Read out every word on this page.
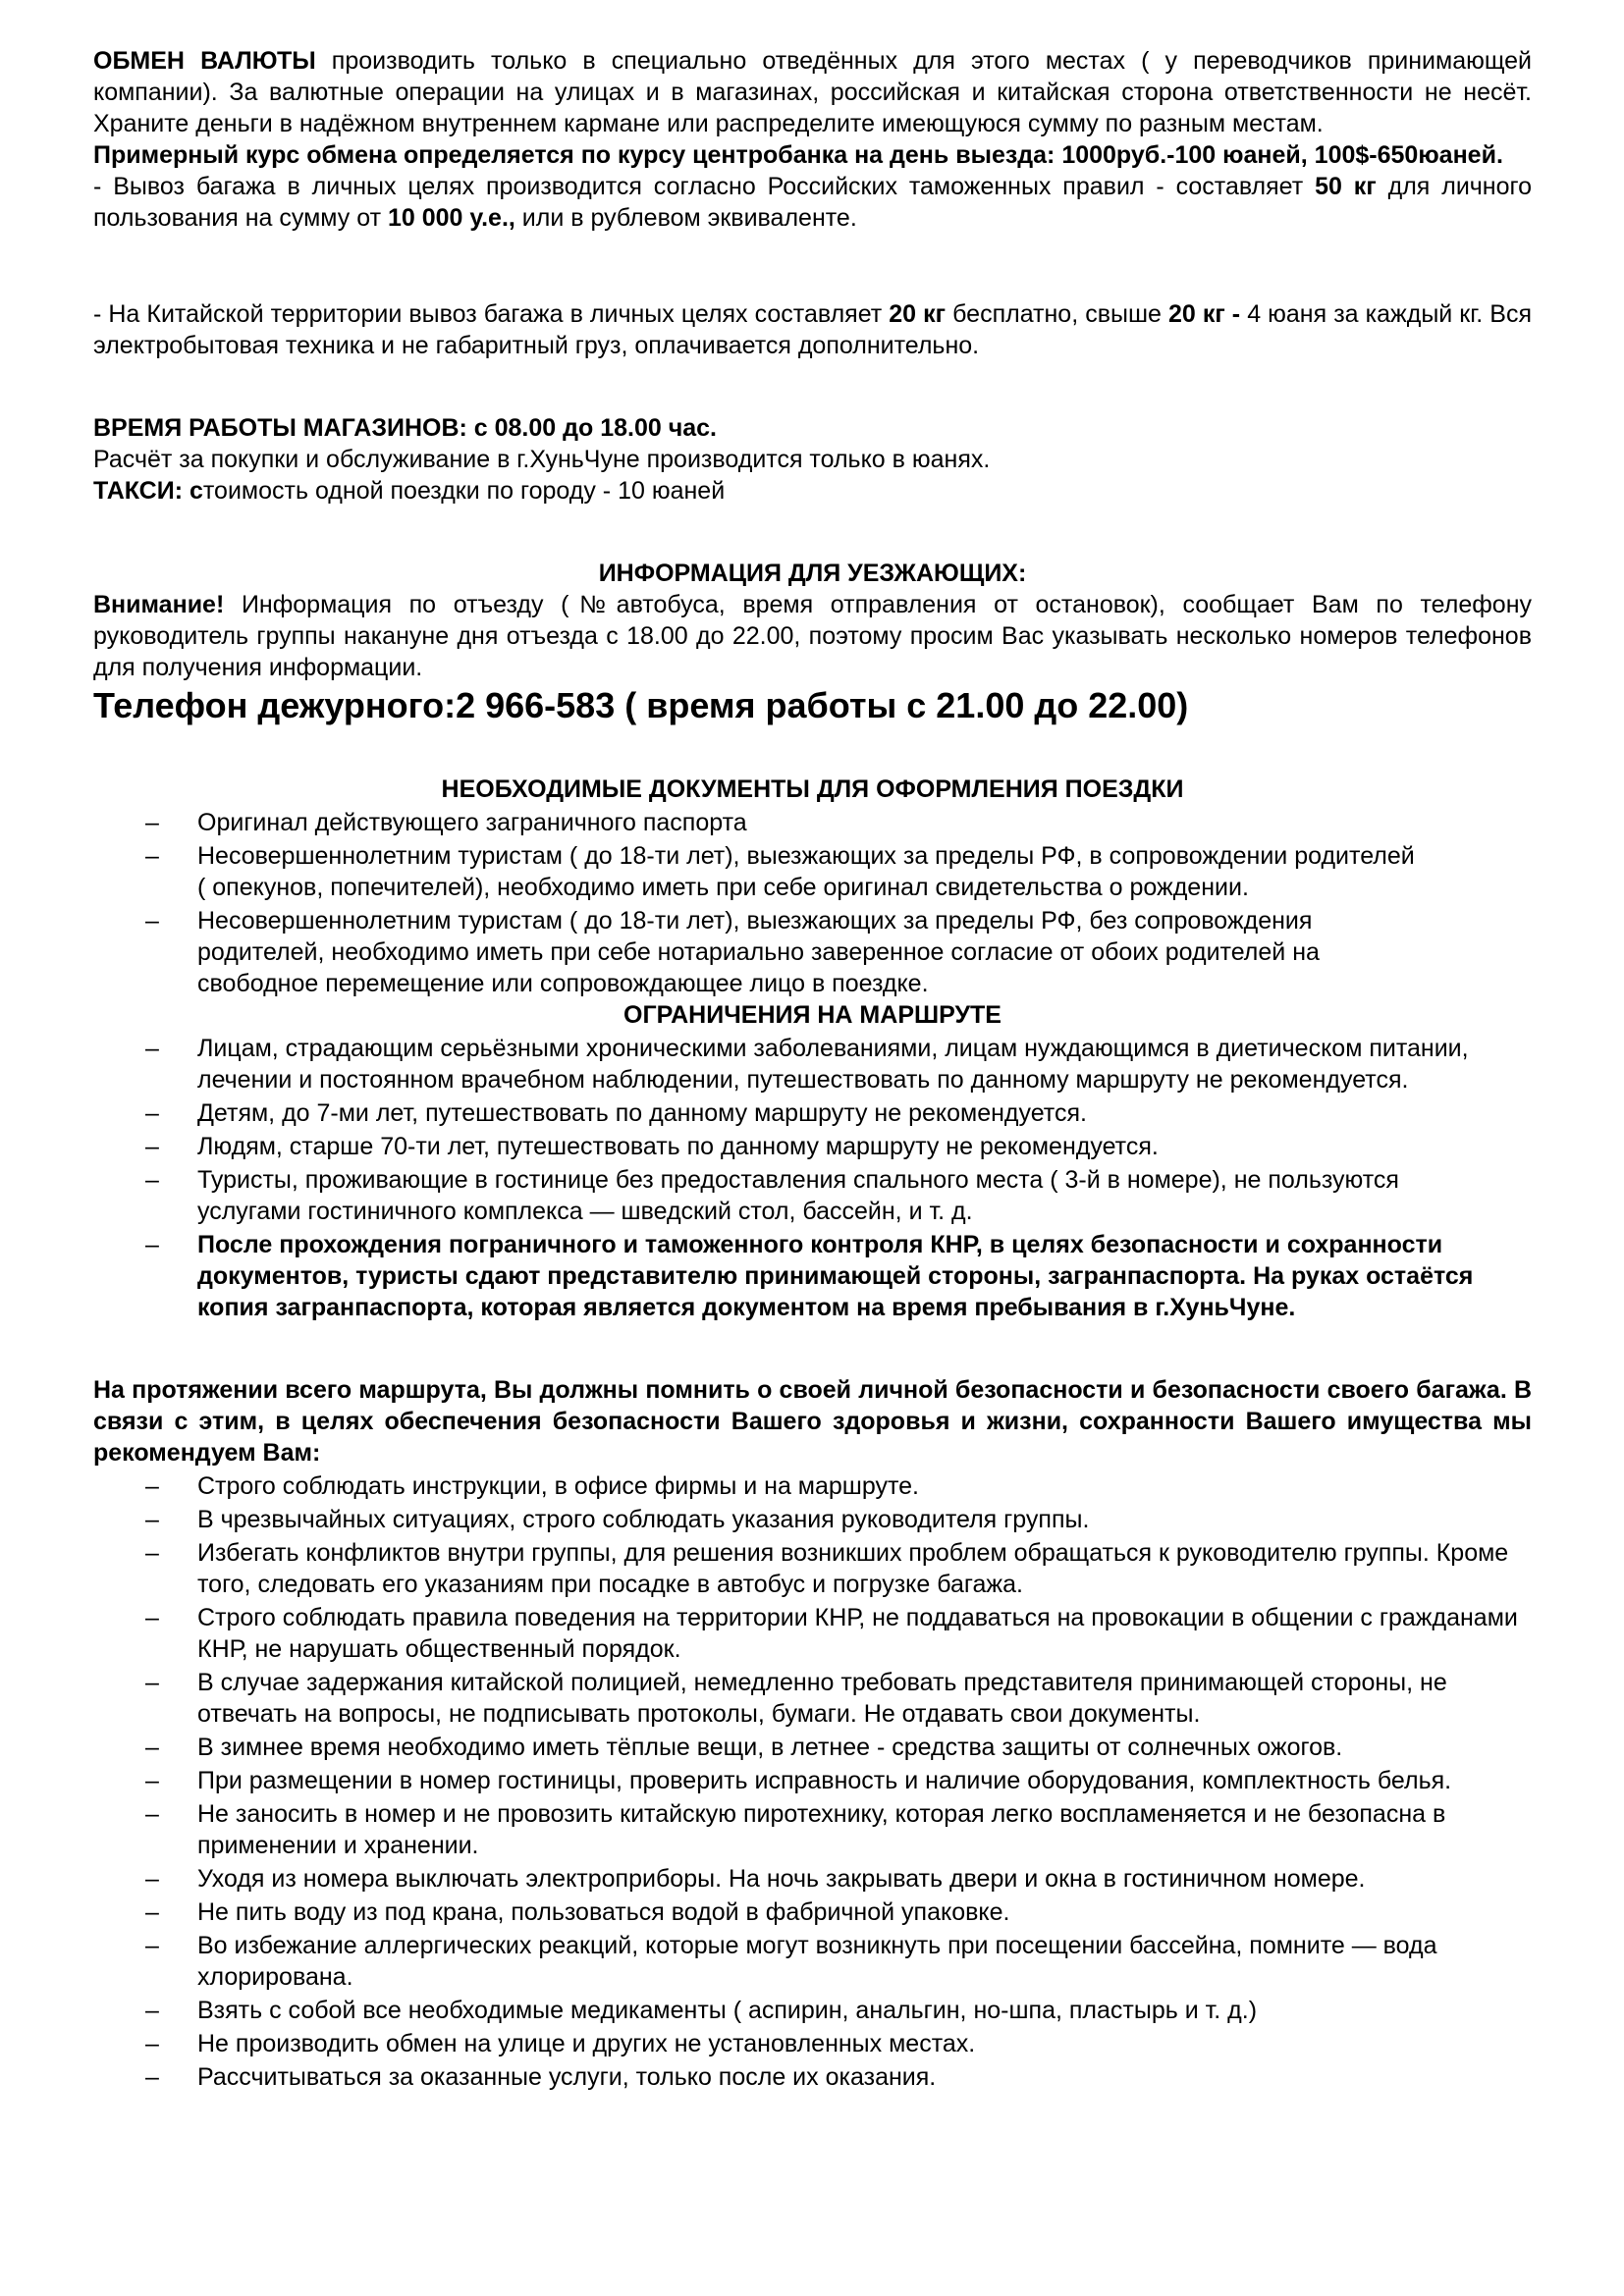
ОБМЕН ВАЛЮТЫ производить только в специально отведённых для этого местах ( у переводчиков принимающей компании). За валютные операции на улицах и в магазинах, российская и китайская сторона ответственности не несёт. Храните деньги в надёжном внутреннем кармане или распределите имеющуюся сумму по разным местам.

Примерный курс обмена определяется по курсу центробанка на день выезда: 1000руб.-100 юаней, 100$-650юаней.

- Вывоз багажа в личных целях производится согласно Российских таможенных правил - составляет 50 кг для личного пользования на сумму от 10 000 у.е., или в рублевом эквиваленте.

- На Китайской территории вывоз багажа в личных целях составляет 20 кг бесплатно, свыше 20 кг - 4 юаня за каждый кг. Вся электробытовая техника и не габаритный груз, оплачивается дополнительно.

ВРЕМЯ РАБОТЫ МАГАЗИНОВ: с 08.00 до 18.00 час.

Расчёт за покупки и обслуживание в г.ХуньЧуне производится только в юанях.

ТАКСИ: стоимость одной поездки по городу - 10 юаней

ИНФОРМАЦИЯ ДЛЯ УЕЗЖАЮЩИХ:

Внимание! Информация по отъезду (№автобуса, время отправления от остановок), сообщает Вам по телефону руководитель группы накануне дня отъезда с 18.00 до 22.00, поэтому просим Вас указывать несколько номеров телефонов для получения информации.

Телефон дежурного:2 966-583 ( время работы с 21.00 до 22.00)

НЕОБХОДИМЫЕ ДОКУМЕНТЫ ДЛЯ ОФОРМЛЕНИЯ ПОЕЗДКИ

– Оригинал действующего заграничного паспорта
– Несовершеннолетним туристам ( до 18-ти лет), выезжающих за пределы РФ, в сопровождении родителей ( опекунов, попечителей), необходимо иметь при себе оригинал свидетельства о рождении.
– Несовершеннолетним туристам ( до 18-ти лет), выезжающих за пределы РФ, без сопровождения родителей, необходимо иметь при себе нотариально заверенное согласие от обоих родителей на свободное перемещение или сопровождающее лицо в поездке.

ОГРАНИЧЕНИЯ НА МАРШРУТЕ

– Лицам, страдающим серьёзными хроническими заболеваниями, лицам нуждающимся в диетическом питании, лечении и постоянном врачебном наблюдении, путешествовать по данному маршруту не рекомендуется.
– Детям, до 7-ми лет, путешествовать по данному маршруту не рекомендуется.
– Людям, старше 70-ти лет, путешествовать по данному маршруту не рекомендуется.
– Туристы, проживающие в гостинице без предоставления спального места ( 3-й в номере), не пользуются услугами гостиничного комплекса — шведский стол, бассейн, и т. д.
– После прохождения пограничного и таможенного контроля КНР, в целях безопасности и сохранности документов, туристы сдают представителю принимающей стороны, загранпаспорта. На руках остаётся копия загранпаспорта, которая является документом на время пребывания в г.ХуньЧуне.

На протяжении всего маршрута, Вы должны помнить о своей личной безопасности и безопасности своего багажа. В связи с этим, в целях обеспечения безопасности Вашего здоровья и жизни, сохранности Вашего имущества мы рекомендуем Вам:

– Строго соблюдать инструкции, в офисе фирмы и на маршруте.
– В чрезвычайных ситуациях, строго соблюдать указания руководителя группы.
– Избегать конфликтов внутри группы, для решения возникших проблем обращаться к руководителю группы. Кроме того, следовать его указаниям при посадке в автобус и погрузке багажа.
– Строго соблюдать правила поведения на территории КНР, не поддаваться на провокации в общении с гражданами КНР, не нарушать общественный порядок.
– В случае задержания китайской полицией, немедленно требовать представителя принимающей стороны, не отвечать на вопросы, не подписывать протоколы, бумаги. Не отдавать свои документы.
– В зимнее время необходимо иметь тёплые вещи, в летнее - средства защиты от солнечных ожогов.
– При размещении в номер гостиницы, проверить исправность и наличие оборудования, комплектность белья.
– Не заносить в номер и не провозить китайскую пиротехнику, которая легко воспламеняется и не безопасна в применении и хранении.
– Уходя из номера выключать электроприборы. На ночь закрывать двери и окна в гостиничном номере.
– Не пить воду из под крана, пользоваться водой в фабричной упаковке.
– Во избежание аллергических реакций, которые могут возникнуть при посещении бассейна, помните — вода хлорирована.
– Взять с собой все необходимые медикаменты ( аспирин, анальгин, но-шпа, пластырь и т. д.)
– Не производить обмен на улице и других не установленных местах.
– Рассчитываться за оказанные услуги, только после их оказания.
